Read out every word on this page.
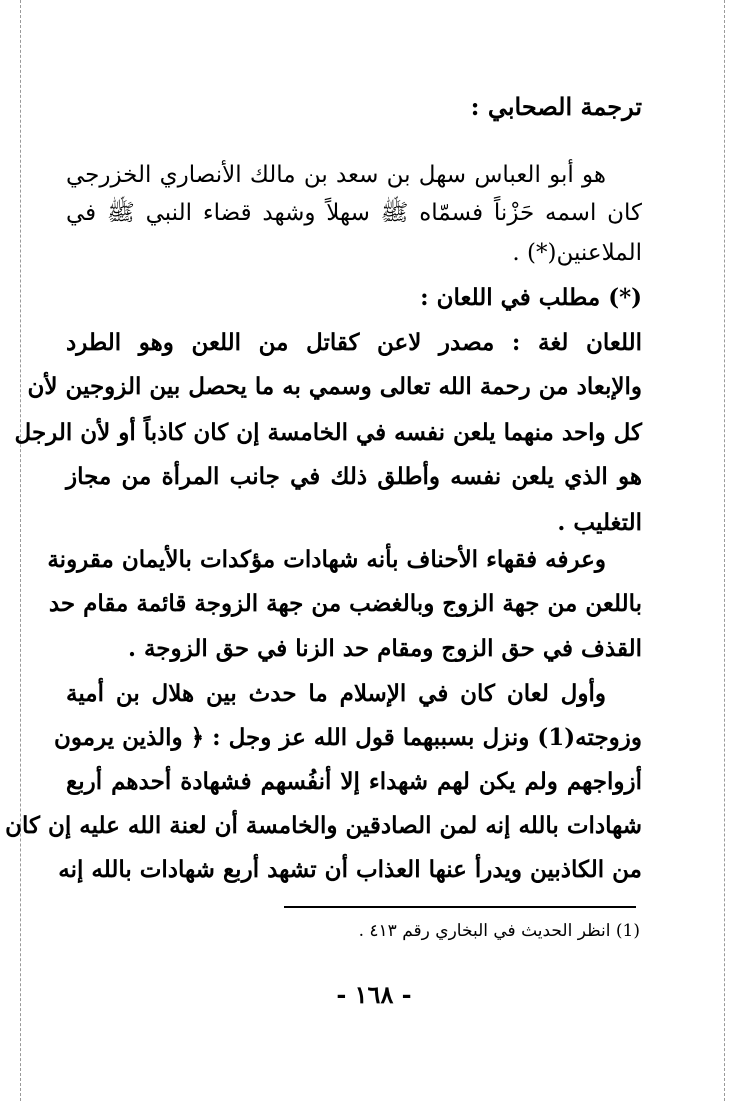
ترجمة الصحابي :
هو أبو العباس سهل بن سعد بن مالك الأنصاري الخزرجي
كان اسمه حَزْناً فسمّاه ﷺ سهلاً وشهد قضاء النبي ﷺ في
الملاعنين(*) .
(*) مطلب في اللعان :
اللعان لغة : مصدر لاعن كقاتل من اللعن وهو الطرد
والإبعاد من رحمة الله تعالى وسمي به ما يحصل بين الزوجين لأن
كل واحد منهما يلعن نفسه في الخامسة إن كان كاذباً أو لأن الرجل
هو الذي يلعن نفسه وأطلق ذلك في جانب المرأة من مجاز
التغليب .
وعرفه فقهاء الأحناف بأنه شهادات مؤكدات بالأيمان مقرونة
باللعن من جهة الزوج وبالغضب من جهة الزوجة قائمة مقام حد
القذف في حق الزوج ومقام حد الزنا في حق الزوجة .
وأول لعان كان في الإسلام ما حدث بين هلال بن أمية
وزوجته(1) ونزل بسببهما قول الله عز وجل : ﴿ والذين يرمون
أزواجهم ولم يكن لهم شهداء إلا أنفُسهم فشهادة أحدهم أربع
شهادات بالله إنه لمن الصادقين والخامسة أن لعنة الله عليه إن كان
من الكاذبين ويدرأ عنها العذاب أن تشهد أربع شهادات بالله إنه
(1) انظر الحديث في البخاري رقم ٤١٣ .
- ١٦٨ -
